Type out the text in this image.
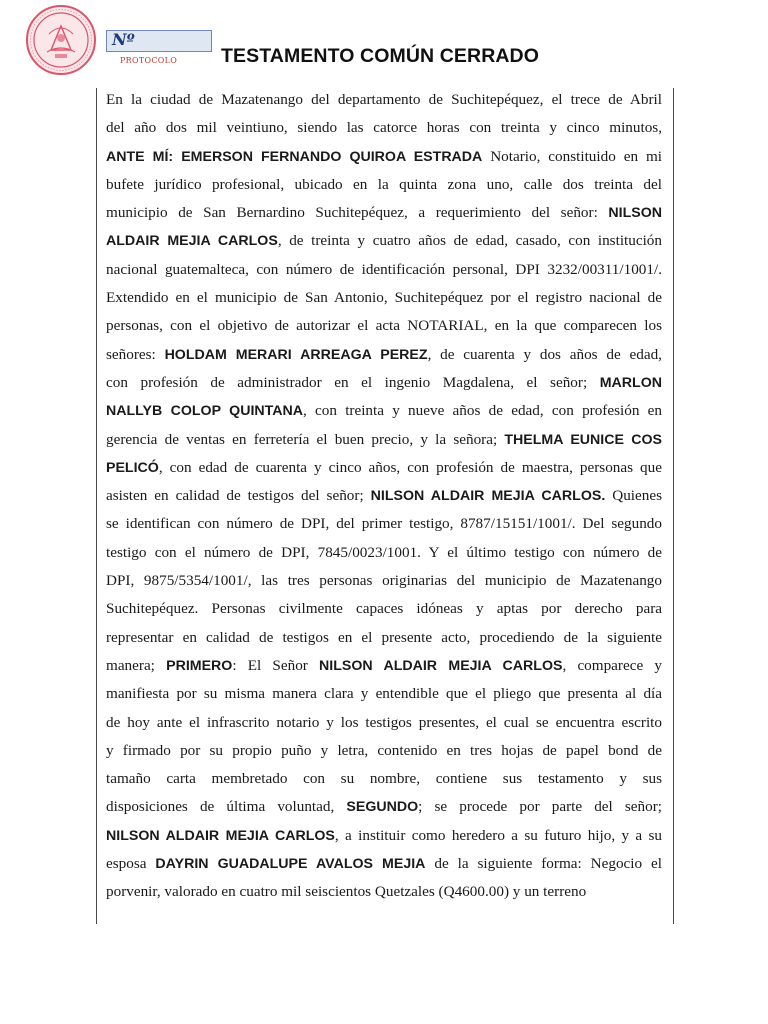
Nº
PROTOCOLO TESTAMENTO COMÚN CERRADO
En la ciudad de Mazatenango del departamento de Suchitepéquez, el trece de Abril
del año dos mil veintiuno, siendo las catorce horas con treinta y cinco minutos,
ANTE MÍ: EMERSON FERNANDO QUIROA ESTRADA Notario, constituido en mi
bufete jurídico profesional, ubicado en la quinta zona uno, calle dos treinta del
municipio de San Bernardino Suchitepéquez, a requerimiento del señor: NILSON
ALDAIR MEJIA CARLOS, de treinta y cuatro años de edad, casado, con institución
nacional guatemalteca, con número de identificación personal, DPI 3232/00311/1001/.
Extendido en el municipio de San Antonio, Suchitepéquez por el registro nacional de
personas, con el objetivo de autorizar el acta NOTARIAL, en la que comparecen los
señores: HOLDAM MERARI ARREAGA PEREZ, de cuarenta y dos años de edad,
con profesión de administrador en el ingenio Magdalena, el señor; MARLON
NALLYB COLOP QUINTANA, con treinta y nueve años de edad, con profesión en
gerencia de ventas en ferretería el buen precio, y la señora; THELMA EUNICE COS
PELICÓ, con edad de cuarenta y cinco años, con profesión de maestra, personas que
asisten en calidad de testigos del señor; NILSON ALDAIR MEJIA CARLOS. Quienes
se identifican con número de DPI, del primer testigo, 8787/15151/1001/. Del segundo
testigo con el número de DPI, 7845/0023/1001. Y el último testigo con número de
DPI, 9875/5354/1001/, las tres personas originarias del municipio de Mazatenango
Suchitepéquez. Personas civilmente capaces idóneas y aptas por derecho para
representar en calidad de testigos en el presente acto, procediendo de la siguiente
manera; PRIMERO: El Señor NILSON ALDAIR MEJIA CARLOS, comparece y
manifiesta por su misma manera clara y entendible que el pliego que presenta al día
de hoy ante el infrascrito notario y los testigos presentes, el cual se encuentra escrito
y firmado por su propio puño y letra, contenido en tres hojas de papel bond de
tamaño carta membretado con su nombre, contiene sus testamento y sus
disposiciones de última voluntad, SEGUNDO; se procede por parte del señor;
NILSON ALDAIR MEJIA CARLOS, a instituir como heredero a su futuro hijo, y a su
esposa DAYRIN GUADALUPE AVALOS MEJIA de la siguiente forma: Negocio el
porvenir, valorado en cuatro mil seiscientos Quetzales (Q4600.00) y un terreno
